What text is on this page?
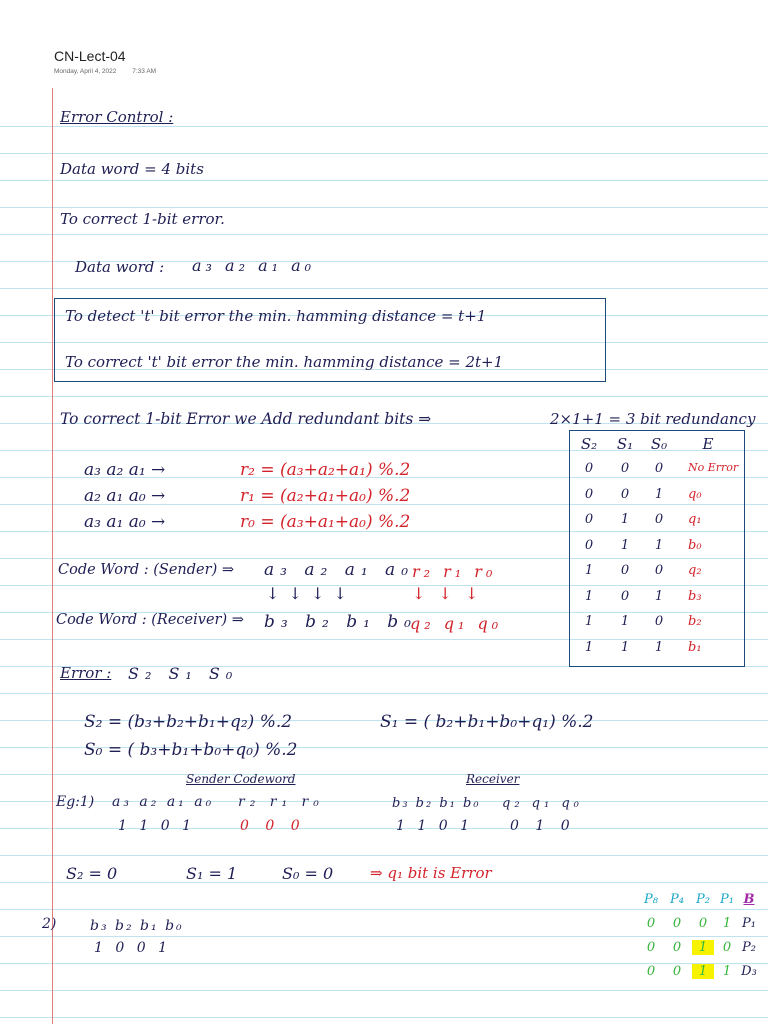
CN-Lect-04
Monday, April 4, 2022 7:33 AM
Error Control :
Data word = 4 bits
To correct 1-bit error.
Data word : a₃ a₂ a₁ a₀
To detect 't' bit error the min. hamming distance = t+1
To correct 't' bit error the min. hamming distance = 2t+1
To correct 1-bit Error we Add redundant bits ⇒	2×1+1 = 3 bit redundancy
a₃ a₂ a₁ →	r₂ = (a₃+a₂+a₁) %.2
a₂ a₁ a₀ →	r₁ = (a₂+a₁+a₀) %.2
a₃ a₁ a₀ →	r₀ = (a₃+a₁+a₀) %.2
Code Word : (Sender) ⇒ a₃ a₂ a₁ a₀
r₂ r₁ r₀
↓ ↓ ↓ ↓	↓ ↓ ↓
Code Word : (Receiver) ⇒ b₃ b₂ b₁ b₀
q₂ q₁ q₀
S₂	S₁	S₀	E
0	0	0	No Error
0	0	1	q₀
0	1	0	q₁
0	1	1	b₀
1	0	0	q₂
1	0	1	b₃
1	1	0	b₂
1	1	1	b₁
Error : S₂ S₁ S₀
S₂ = (b₃+b₂+b₁+q₂) %.2	S₁ = ( b₂+b₁+b₀+q₁) %.2
S₀ = ( b₃+b₁+b₀+q₀) %.2
Sender Codeword	Receiver
Eg:1) a₃ a₂ a₁ a₀ r₂ r₁ r₀
1 1 0 1	0 0 0
b₃ b₂ b₁ b₀ q₂ q₁ q₀
1 1 0 1	0 1 0
S₂ = 0	S₁ = 1	S₀ = 0 ⇒ q₁ bit is Error
2) b₃ b₂ b₁ b₀
1 0 0 1
P₈ P₄ P₂ P₁ B
0	0	0	1 P₁
0	0	1	0 P₂
0	0	1	1 D₃
